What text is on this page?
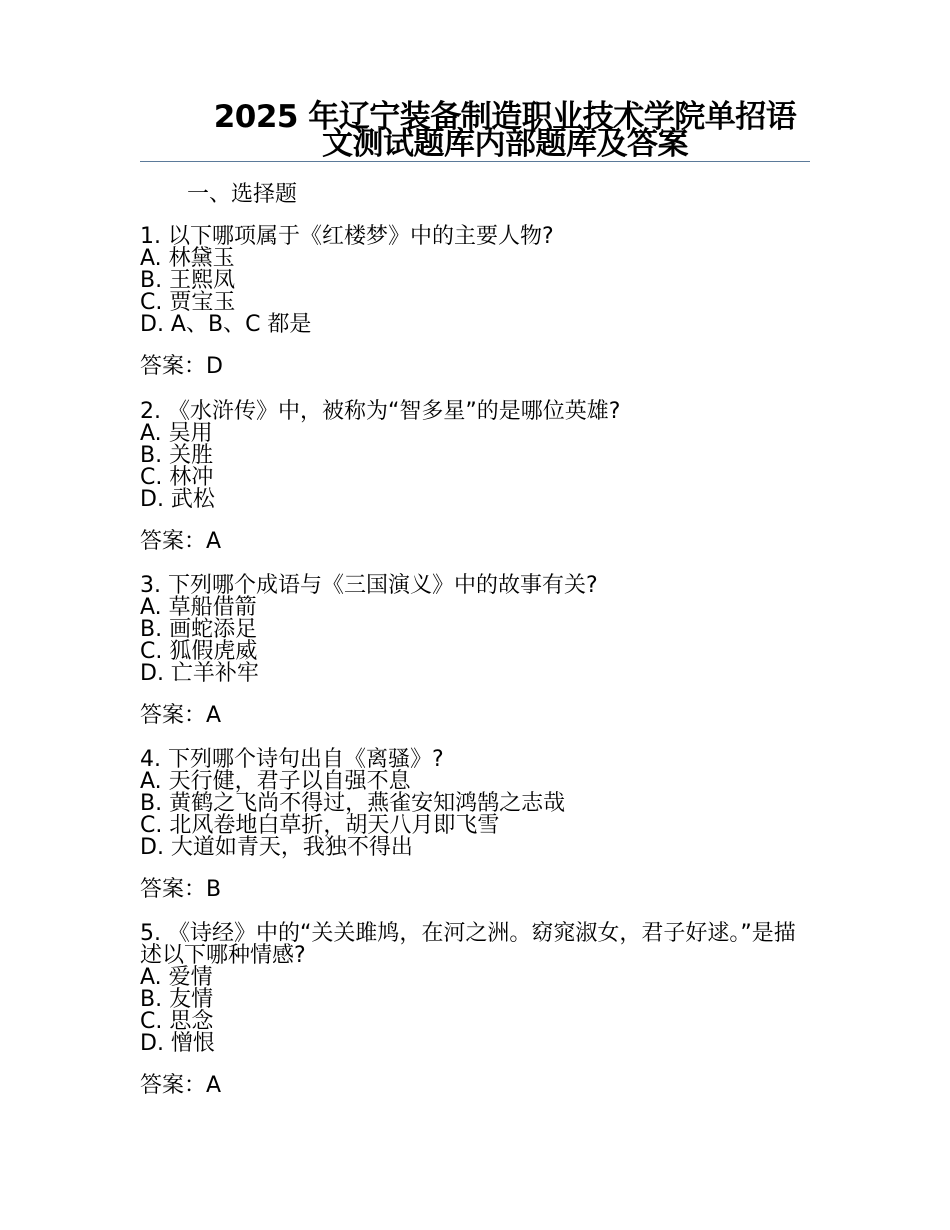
2025 年辽宁装备制造职业技术学院单招语文测试题库内部题库及答案
一、选择题

1. 以下哪项属于《红楼梦》中的主要人物?

A. 林黛玉

B. 王熙凤

C. 贾宝玉

D. A、B、C 都是

答案：D

2. 《水浒传》中，被称为“智多星”的是哪位英雄?

A. 吴用

B. 关胜

C. 林冲

D. 武松

答案：A

3. 下列哪个成语与《三国演义》中的故事有关?

A. 草船借箭

B. 画蛇添足

C. 狐假虎威

D. 亡羊补牢

答案：A

4. 下列哪个诗句出自《离骚》?

A. 天行健，君子以自强不息

B. 黄鹤之飞尚不得过，燕雀安知鸿鹄之志哉

C. 北风卷地白草折，胡天八月即飞雪

D. 大道如青天，我独不得出

答案：B

5. 《诗经》中的“关关雎鸠，在河之洲。窈窕淑女，君子好逑。”是描述以下哪种情感?

A. 爱情

B. 友情

C. 思念

D. 憎恨

答案：A
